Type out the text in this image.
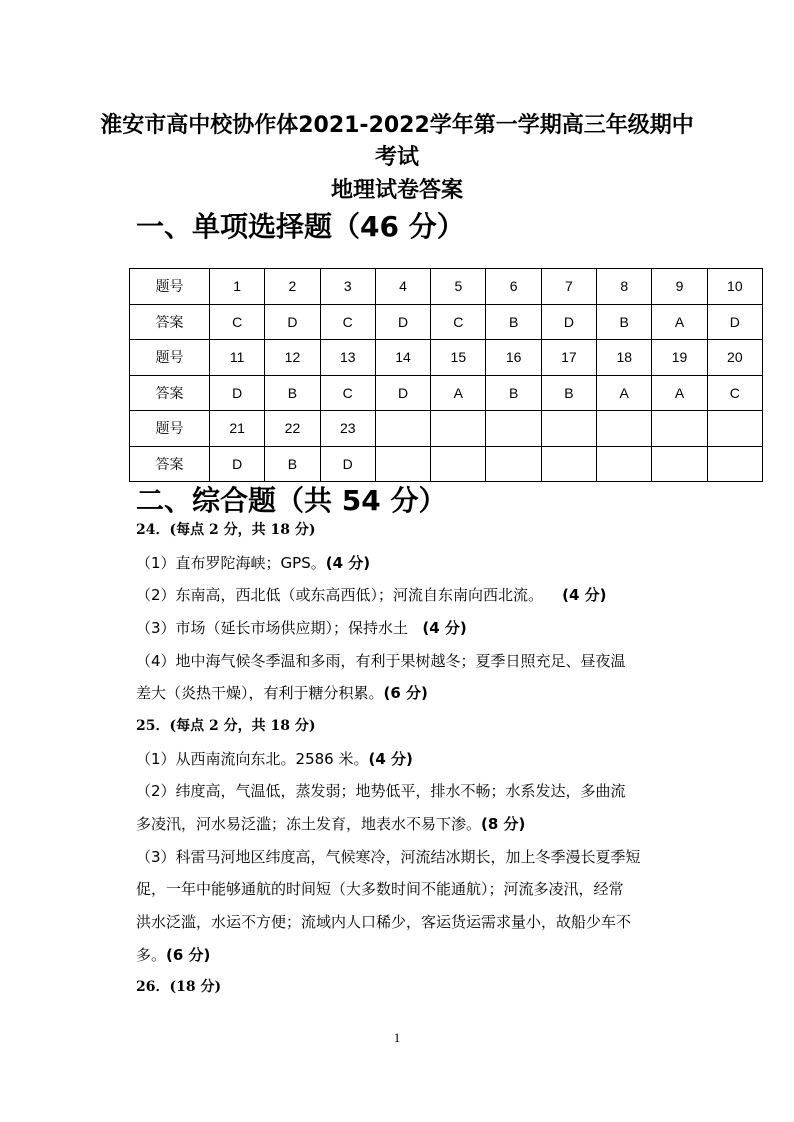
淮安市高中校协作体2021-2022学年第一学期高三年级期中
考试
地理试卷答案
一、单项选择题（46 分）
题号	1	2	3	4	5	6	7	8	9	10
答案	C	D	C	D	C	B	D	B	A	D
题号	11	12	13	14	15	16	17	18	19	20
答案	D	B	C	D	A	B	B	A	A	C
题号	21	22	23							
答案	D	B	D							
二、综合题（共 54 分）
24．(每点 2 分，共 18 分)
（1）直布罗陀海峡；GPS。(4 分)
（2）东南高，西北低（或东高西低）；河流自东南向西北流。 (4 分)
（3）市场（延长市场供应期）；保持水土 (4 分)
（4）地中海气候冬季温和多雨，有利于果树越冬；夏季日照充足、昼夜温
差大（炎热干燥），有利于糖分积累。(6 分)
25．(每点 2 分，共 18 分)
（1）从西南流向东北。2586 米。(4 分)
（2）纬度高，气温低，蒸发弱；地势低平，排水不畅；水系发达，多曲流
多凌汛，河水易泛滥；冻土发育，地表水不易下渗。(8 分)
（3）科雷马河地区纬度高，气候寒冷，河流结冰期长，加上冬季漫长夏季短
促，一年中能够通航的时间短（大多数时间不能通航）；河流多凌汛，经常
洪水泛滥，水运不方便；流域内人口稀少，客运货运需求量小，故船少车不
多。(6 分)
26．(18 分)
1
